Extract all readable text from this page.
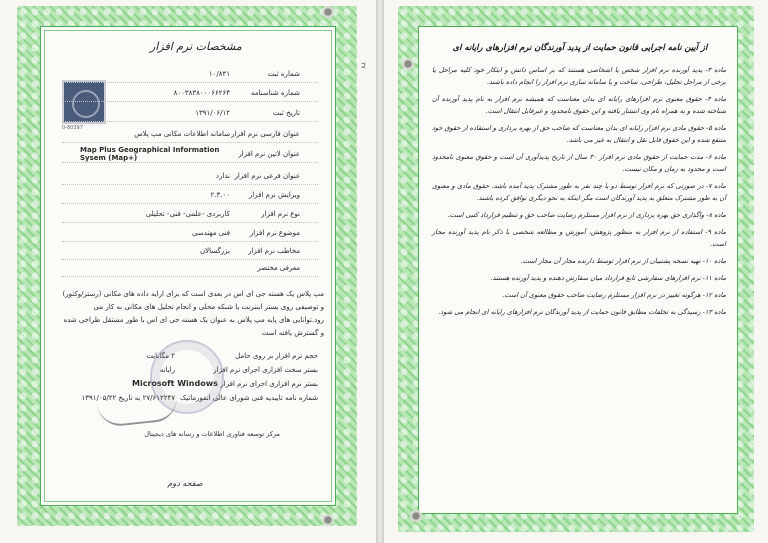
مشخصات نرم افزار
0-80397
شماره ثبت
۱۰/۸۴۱
شماره شناسنامه
۸۰۰۳۸۳۸۰۰۰۶۶۲۶۴
تاریخ ثبت
۱۳۹۱/۰۶/۱۲
عنوان فارسی نرم افزار
سامانه اطلاعات مکانی مپ پلاس
عنوان لاتین نرم افزار
Map Plus Geographical Information Sysem (Map+)
عنوان فرعی نرم افزار
ندارد
ویرایش نرم افزار
۲.۳.۰۰
نوع نرم افزار
کاربردی -علمی- فنی- تحلیلی
موضوع نرم افزار
فنی مهندسی
مخاطب نرم افزار
بزرگسالان
معرفی مختصر
مپ پلاس یک هسته جی ای اس در بعدی است که برای ارایه داده های مکانی (رستر/وکتور) و توصیفی روی بستر اینترنت یا شبکه محلی و انجام تحلیل های مکانی به کار می رود.توانایی های پایه مپ پلاس به عنوان یک هسته جی ای اس با طور مستقل طراحی شده و گسترش یافته است
حجم نرم افزار بر روی حامل
۲ مگابایت
بستر سخت افزاری اجرای نرم افزار
رایانه
بستر نرم افزاری اجرای نرم افزار
Microsoft Windows
شماره نامه تاییدیه فنی شورای عالی انفورماتیک
۲۷/۶۱۲۲۴۷ به تاریخ ۱۳۹۱/۰۵/۲۲
مرکز توسعه فناوری اطلاعات و رسانه های دیجیتال
صفحه دوم
۳۷
از آیین نامه اجرایی قانون حمایت از پدید آورندگان نرم افزارهای رایانه ای
ماده ۳- پدید آورنده نرم افزار شخص یا اشخاصی هستند که بر اساس دانش و ابتکار خود کلیه مراحل یا برخی از مراحل تحلیل، طراحی، ساخت و یا سامانه سازی نرم افزار را انجام داده باشند.
ماده ۴- حقوق معنوی نرم افزارهای رایانه ای بدان معناست که همیشه نرم افزار به نام پدید آورنده آن شناخته شده و به همراه نام وی انتشار یافته و این حقوق نامحدود و غیرقابل انتقال است.
ماده ۵- حقوق مادی نرم افزار رایانه ای بدان معناست که صاحب حق از بهره برداری و استفاده از حقوق خود منتفع شده و این حقوق قابل نقل و انتقال به غیر می باشد.
ماده ۶- مدت حمایت از حقوق مادی نرم افزار ۳۰ سال از تاریخ پدیدآوری آن است و حقوق معنوی نامحدود است و محدود به زمان و مکان نیست.
ماده ۷- در صورتی که نرم افزار توسط دو یا چند نفر به طور مشترک پدید آمده باشد، حقوق مادی و معنوی آن به طور مشترک متعلق به پدید آورندگان است مگر اینکه به نحو دیگری توافق کرده باشند.
ماده ۸- واگذاری حق بهره برداری از نرم افزار مستلزم رضایت صاحب حق و تنظیم قرارداد کتبی است.
ماده ۹- استفاده از نرم افزار به منظور پژوهش، آموزش و مطالعه شخصی با ذکر نام پدید آورنده مجاز است.
ماده ۱۰- تهیه نسخه پشتیبان از نرم افزار توسط دارنده مجاز آن مجاز است.
ماده ۱۱- نرم افزارهای سفارشی تابع قرارداد میان سفارش دهنده و پدید آورنده هستند.
ماده ۱۲- هرگونه تغییر در نرم افزار مستلزم رضایت صاحب حقوق معنوی آن است.
ماده ۱۳- رسیدگی به تخلفات مطابق قانون حمایت از پدید آورندگان نرم افزارهای رایانه ای انجام می شود.
